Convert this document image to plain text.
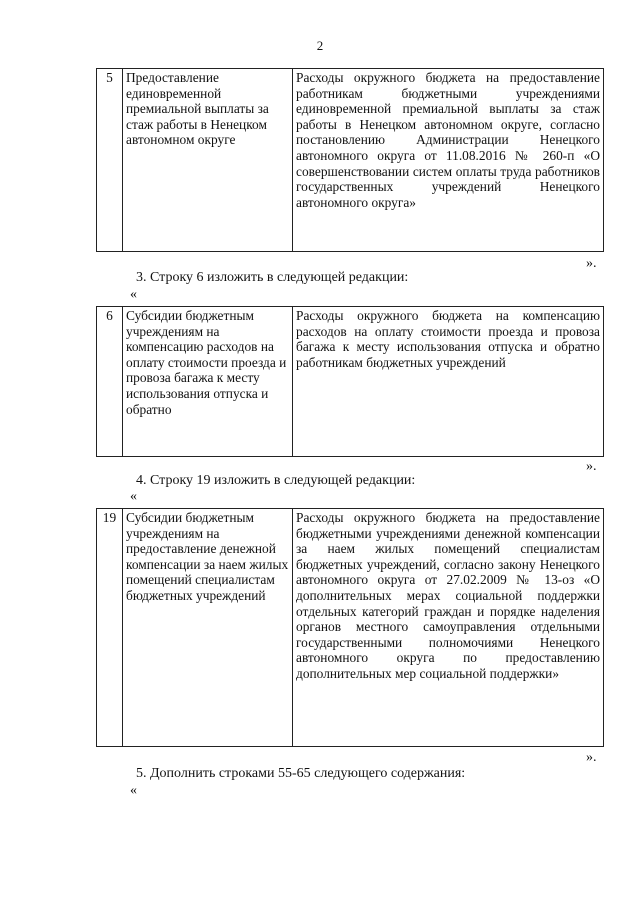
2
5	Предоставление единовременной премиальной выплаты за стаж работы в Ненецком автономном округе	Расходы окружного бюджета на предоставление работникам бюджетными учреждениями единовременной премиальной выплаты за стаж работы в Ненецком автономном округе, согласно постановлению Администрации Ненецкого автономного округа от 11.08.2016 № 260-п «О совершенствовании систем оплаты труда работников государственных учреждений Ненецкого автономного округа»
».
3. Строку 6 изложить в следующей редакции:
«
6	Субсидии бюджетным учреждениям на компенсацию расходов на оплату стоимости проезда и провоза багажа к месту использования отпуска и обратно	Расходы окружного бюджета на компенсацию расходов на оплату стоимости проезда и провоза багажа к месту использования отпуска и обратно работникам бюджетных учреждений
».
4. Строку 19 изложить в следующей редакции:
«
19	Субсидии бюджетным учреждениям на предоставление денежной компенсации за наем жилых помещений специалистам бюджетных учреждений	Расходы окружного бюджета на предоставление бюджетными учреждениями денежной компенсации за наем жилых помещений специалистам бюджетных учреждений, согласно закону Ненецкого автономного округа от 27.02.2009 № 13-оз «О дополнительных мерах социальной поддержки отдельных категорий граждан и порядке наделения органов местного самоуправления отдельными государственными полномочиями Ненецкого автономного округа по предоставлению дополнительных мер социальной поддержки»
».
5. Дополнить строками 55-65 следующего содержания:
«
